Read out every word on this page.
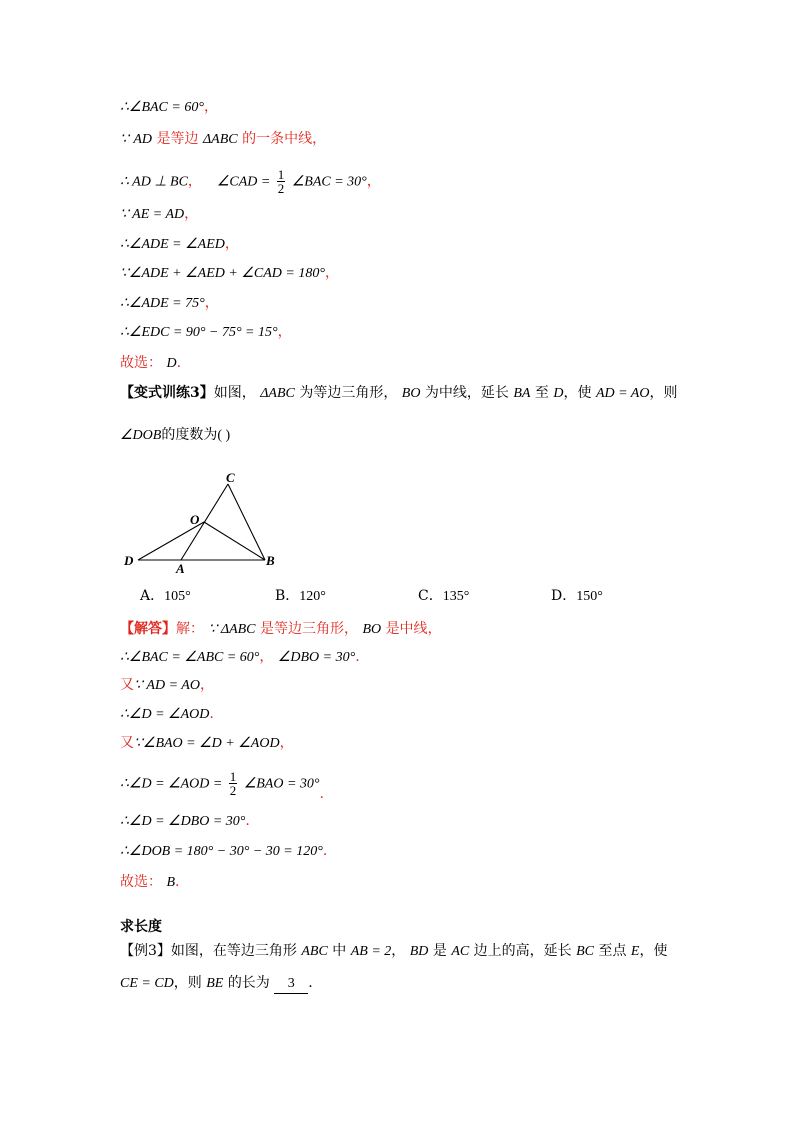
∴∠BAC = 60°，
∵ AD 是等边 ΔABC 的一条中线，
∴ AD ⊥ BC， ∠CAD = $\frac{1}{2}$ ∠BAC = 30°，
∵ AE = AD，
∴∠ADE = ∠AED，
∵∠ADE + ∠AED + ∠CAD = 180°，
∴∠ADE = 75°，
∴∠EDC = 90° − 75° = 15°，
故选： D.
【变式训练3】如图， ΔABC 为等边三角形， BO 为中线，延长 BA 至 D，使 AD = AO，则
∠DOB的度数为( )
C
O
D
A
B
A．105°	B．120°	C．135°	D．150°
【解答】解： ∵ ΔABC 是等边三角形， BO 是中线，
∴∠BAC = ∠ABC = 60°， ∠DBO = 30°.
又∵ AD = AO，
∴∠D = ∠AOD.
又∵∠BAO = ∠D + ∠AOD，
∴∠D = ∠AOD = $\frac{1}{2}$ ∠BAO = 30°.
∴∠D = ∠DBO = 30°.
∴∠DOB = 180° − 30° − 30 = 120°.
故选： B.
求长度
【例3】如图，在等边三角形 ABC 中 AB = 2， BD 是 AC 边上的高，延长 BC 至点 E，使
CE = CD，则 BE 的长为 3 .
